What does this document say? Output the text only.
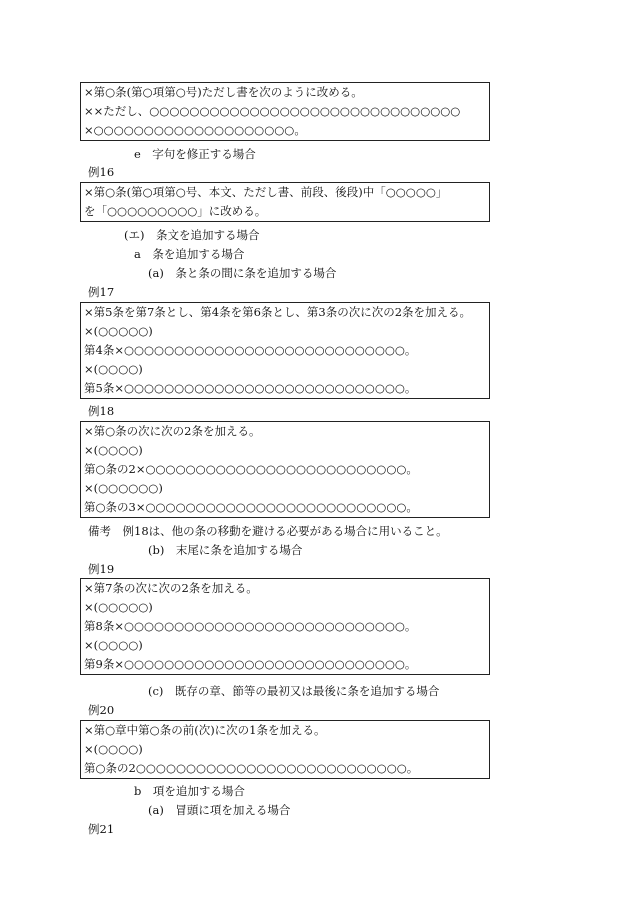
×第○条(第○項第○号)ただし書を次のように改める。
××ただし、○○○○○○○○○○○○○○○○○○○○○○○○○○○○○○○
×○○○○○○○○○○○○○○○○○○○○。
e　字句を修正する場合
例16
×第○条(第○項第○号、本文、ただし書、前段、後段)中「○○○○○」
を「○○○○○○○○○」に改める。
(エ)　条文を追加する場合
a　条を追加する場合
(a)　条と条の間に条を追加する場合
例17
×第5条を第7条とし、第4条を第6条とし、第3条の次に次の2条を加える。
×(○○○○○)
第4条×○○○○○○○○○○○○○○○○○○○○○○○○○○○○。
×(○○○○)
第5条×○○○○○○○○○○○○○○○○○○○○○○○○○○○○。
例18
×第○条の次に次の2条を加える。
×(○○○○)
第○条の2×○○○○○○○○○○○○○○○○○○○○○○○○○○。
×(○○○○○○)
第○条の3×○○○○○○○○○○○○○○○○○○○○○○○○○○。
備考　例18は、他の条の移動を避ける必要がある場合に用いること。
(b)　末尾に条を追加する場合
例19
×第7条の次に次の2条を加える。
×(○○○○○)
第8条×○○○○○○○○○○○○○○○○○○○○○○○○○○○○。
×(○○○○)
第9条×○○○○○○○○○○○○○○○○○○○○○○○○○○○○。
(c)　既存の章、節等の最初又は最後に条を追加する場合
例20
×第○章中第○条の前(次)に次の1条を加える。
×(○○○○)
第○条の2○○○○○○○○○○○○○○○○○○○○○○○○○○○。
b　項を追加する場合
(a)　冒頭に項を加える場合
例21
